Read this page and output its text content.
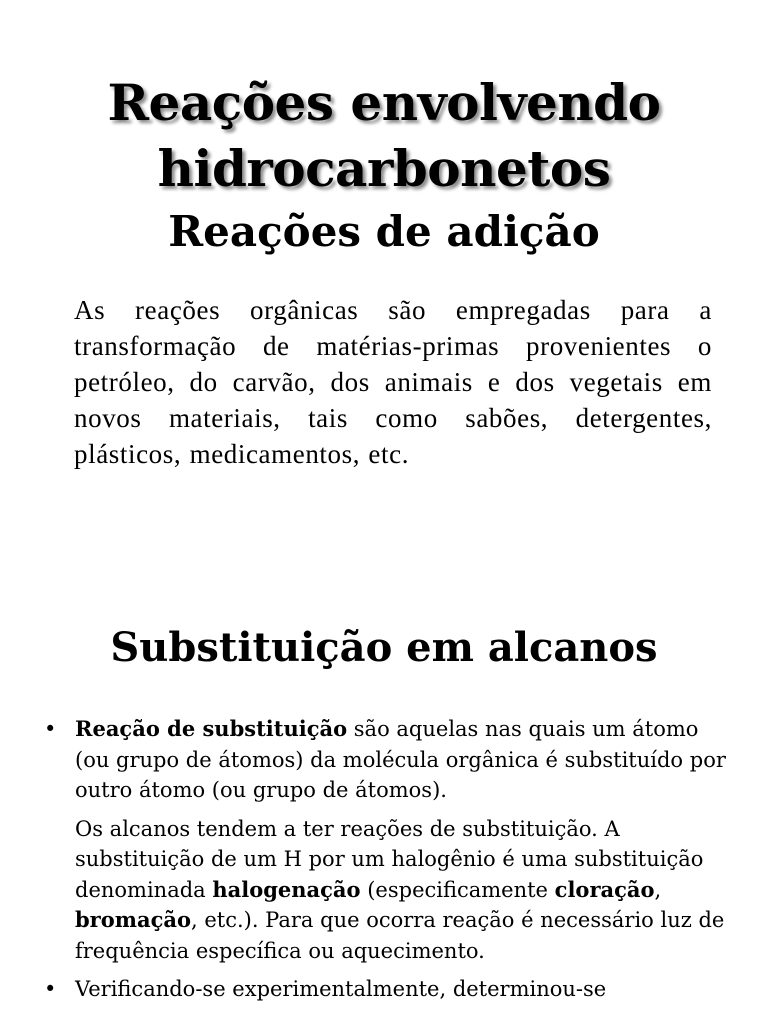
Reações envolvendo
hidrocarbonetos
Reações de adição

As reações orgânicas são empregadas para a transformação de matérias-primas provenientes o petróleo, do carvão, dos animais e dos vegetais em novos materiais, tais como sabões, detergentes, plásticos, medicamentos, etc.

Substituição em alcanos

• Reação de substituição são aquelas nas quais um átomo (ou grupo de átomos) da molécula orgânica é substituído por outro átomo (ou grupo de átomos).

Os alcanos tendem a ter reações de substituição. A substituição de um H por um halogênio é uma substituição denominada halogenação (especificamente cloração, bromação, etc.). Para que ocorra reação é necessário luz de frequência específica ou aquecimento.

• Verificando-se experimentalmente, determinou-se
